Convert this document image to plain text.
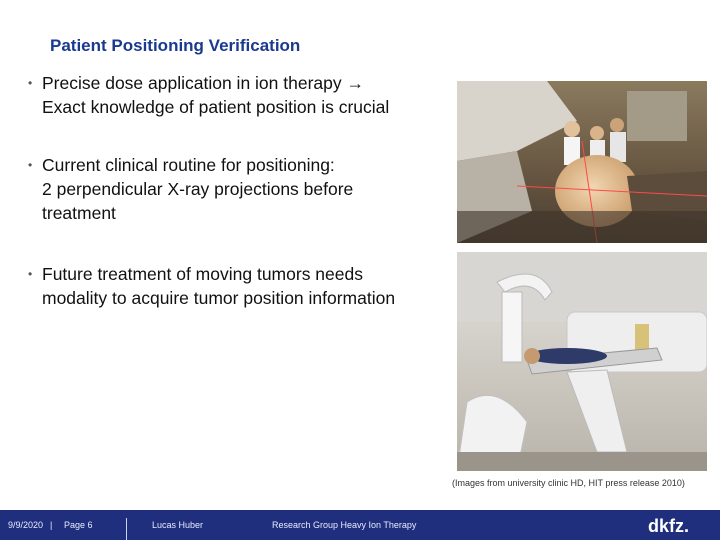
Patient Positioning Verification
• Precise dose application in ion therapy →
Exact knowledge of patient position is crucial
• Current clinical routine for positioning:
2 perpendicular X-ray projections before
treatment
• Future treatment of moving tumors needs
modality to acquire tumor position information
(Images from university clinic HD, HIT press release 2010)
9/9/2020 | Page 6	Lucas Huber	Research Group Heavy Ion Therapy	dkfz.
